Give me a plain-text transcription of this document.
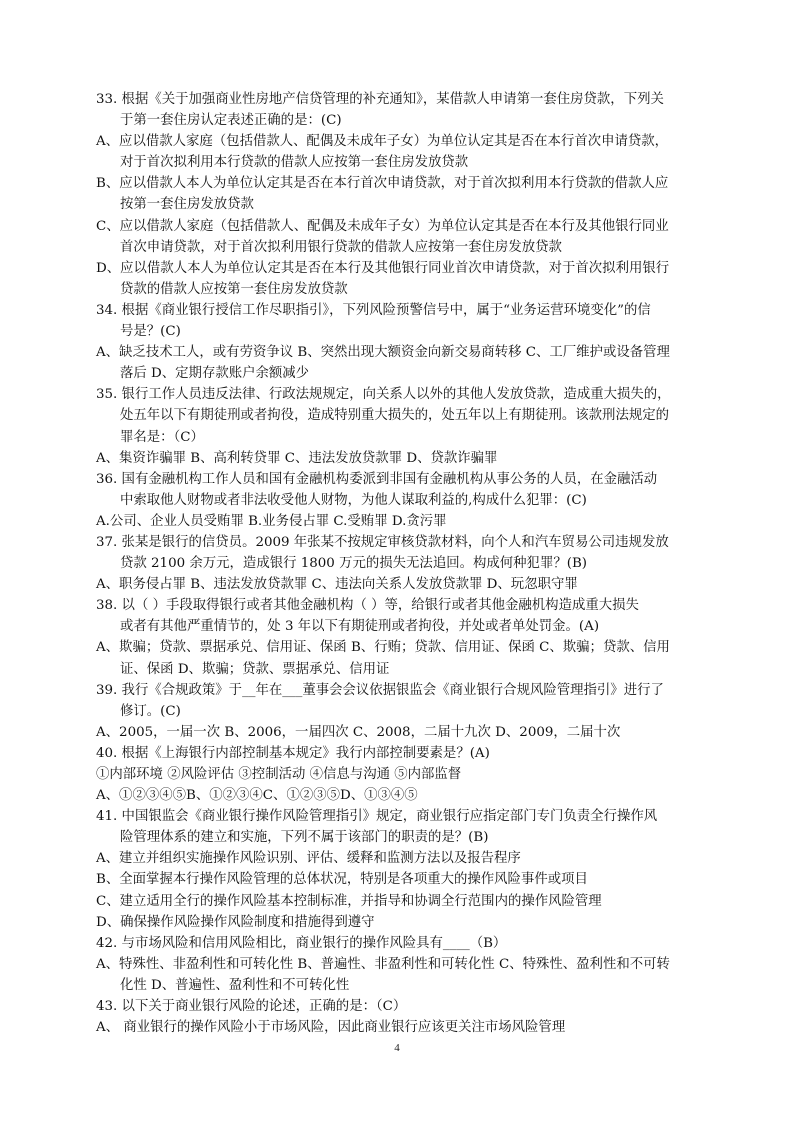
33. 根据《关于加强商业性房地产信贷管理的补充通知》，某借款人申请第一套住房贷款，下列关
于第一套住房认定表述正确的是：(C)
A、应以借款人家庭（包括借款人、配偶及未成年子女）为单位认定其是否在本行首次申请贷款，
对于首次拟利用本行贷款的借款人应按第一套住房发放贷款
B、应以借款人本人为单位认定其是否在本行首次申请贷款，对于首次拟利用本行贷款的借款人应
按第一套住房发放贷款
C、应以借款人家庭（包括借款人、配偶及未成年子女）为单位认定其是否在本行及其他银行同业
首次申请贷款，对于首次拟利用银行贷款的借款人应按第一套住房发放贷款
D、应以借款人本人为单位认定其是否在本行及其他银行同业首次申请贷款，对于首次拟利用银行
贷款的借款人应按第一套住房发放贷款
34. 根据《商业银行授信工作尽职指引》，下列风险预警信号中，属于“业务运营环境变化”的信
号是？(C)
A、缺乏技术工人，或有劳资争议 B、突然出现大额资金向新交易商转移 C、工厂维护或设备管理
落后 D、定期存款账户余额减少
35. 银行工作人员违反法律、行政法规规定，向关系人以外的其他人发放贷款，造成重大损失的，
处五年以下有期徒刑或者拘役，造成特别重大损失的，处五年以上有期徒刑。该款刑法规定的
罪名是：（C）
A、集资诈骗罪 B、高利转贷罪 C、违法发放贷款罪 D、贷款诈骗罪
36. 国有金融机构工作人员和国有金融机构委派到非国有金融机构从事公务的人员，在金融活动
中索取他人财物或者非法收受他人财物，为他人谋取利益的,构成什么犯罪：(C)
A.公司、企业人员受贿罪 B.业务侵占罪 C.受贿罪 D.贪污罪
37. 张某是银行的信贷员。2009 年张某不按规定审核贷款材料，向个人和汽车贸易公司违规发放
贷款 2100 余万元，造成银行 1800 万元的损失无法追回。构成何种犯罪？(B)
A、职务侵占罪 B、违法发放贷款罪 C、违法向关系人发放贷款罪 D、玩忽职守罪
38. 以（ ）手段取得银行或者其他金融机构（ ）等，给银行或者其他金融机构造成重大损失
或者有其他严重情节的，处 3 年以下有期徒刑或者拘役，并处或者单处罚金。(A)
A、欺骗；贷款、票据承兑、信用证、保函 B、行贿；贷款、信用证、保函 C、欺骗；贷款、信用
证、保函 D、欺骗；贷款、票据承兑、信用证
39. 我行《合规政策》于__年在___董事会会议依据银监会《商业银行合规风险管理指引》进行了
修订。(C)
A、2005，一届一次 B、2006，一届四次 C、2008，二届十九次 D、2009，二届十次
40. 根据《上海银行内部控制基本规定》我行内部控制要素是？(A)
①内部环境 ②风险评估 ③控制活动 ④信息与沟通 ⑤内部监督
A、①②③④⑤B、①②③④C、①②③⑤D、①③④⑤
41. 中国银监会《商业银行操作风险管理指引》规定，商业银行应指定部门专门负责全行操作风
险管理体系的建立和实施，下列不属于该部门的职责的是？(B)
A、建立并组织实施操作风险识别、评估、缓释和监测方法以及报告程序
B、全面掌握本行操作风险管理的总体状况，特别是各项重大的操作风险事件或项目
C、建立适用全行的操作风险基本控制标准，并指导和协调全行范围内的操作风险管理
D、确保操作风险操作风险制度和措施得到遵守
42. 与市场风险和信用风险相比，商业银行的操作风险具有____（B）
A、特殊性、非盈利性和可转化性 B、普遍性、非盈利性和可转化性 C、特殊性、盈利性和不可转
化性 D、普遍性、盈利性和不可转化性
43. 以下关于商业银行风险的论述，正确的是：（C）
A、 商业银行的操作风险小于市场风险，因此商业银行应该更关注市场风险管理
4
